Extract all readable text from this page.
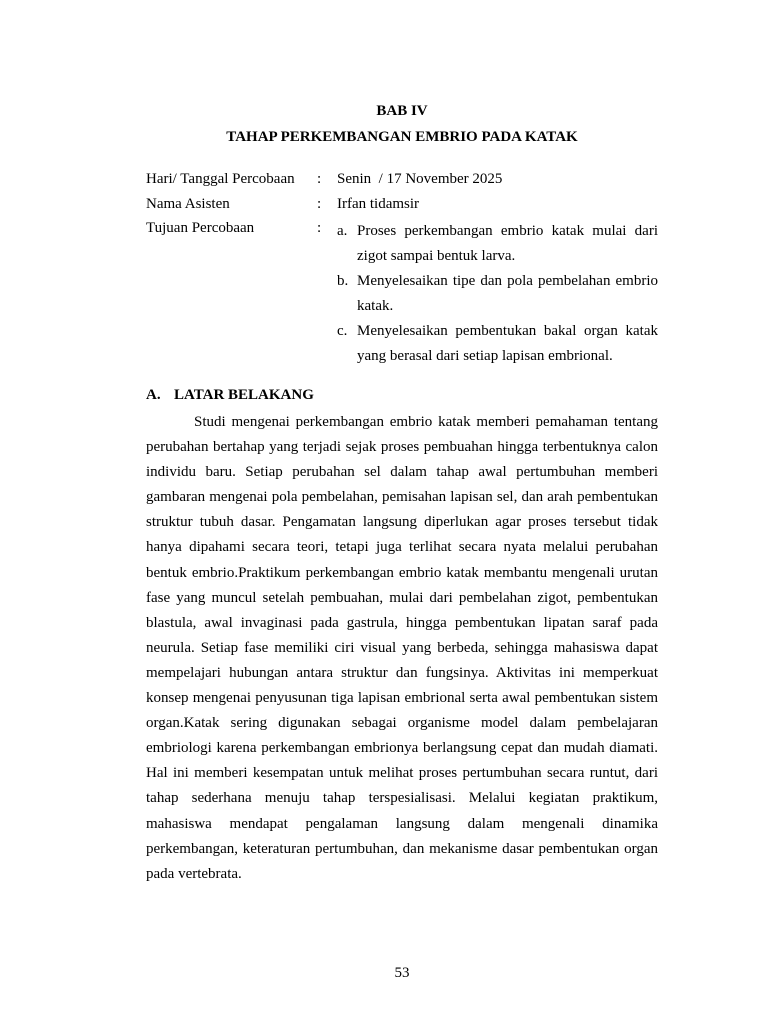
BAB IV
TAHAP PERKEMBANGAN EMBRIO PADA KATAK
Hari/ Tanggal Percobaan : Senin  / 17 November 2025
Nama Asisten	: Irfan tidamsir
Tujuan Percobaan	: a. Proses perkembangan embrio katak mulai dari zigot sampai bentuk larva.
b. Menyelesaikan tipe dan pola pembelahan embrio katak.
c. Menyelesaikan pembentukan bakal organ katak yang berasal dari setiap lapisan embrional.
A. LATAR BELAKANG

Studi mengenai perkembangan embrio katak memberi pemahaman tentang perubahan bertahap yang terjadi sejak proses pembuahan hingga terbentuknya calon individu baru. Setiap perubahan sel dalam tahap awal pertumbuhan memberi gambaran mengenai pola pembelahan, pemisahan lapisan sel, dan arah pembentukan struktur tubuh dasar. Pengamatan langsung diperlukan agar proses tersebut tidak hanya dipahami secara teori, tetapi juga terlihat secara nyata melalui perubahan bentuk embrio.Praktikum perkembangan embrio katak membantu mengenali urutan fase yang muncul setelah pembuahan, mulai dari pembelahan zigot, pembentukan blastula, awal invaginasi pada gastrula, hingga pembentukan lipatan saraf pada neurula. Setiap fase memiliki ciri visual yang berbeda, sehingga mahasiswa dapat mempelajari hubungan antara struktur dan fungsinya. Aktivitas ini memperkuat konsep mengenai penyusunan tiga lapisan embrional serta awal pembentukan sistem organ.Katak sering digunakan sebagai organisme model dalam pembelajaran embriologi karena perkembangan embrionya berlangsung cepat dan mudah diamati. Hal ini memberi kesempatan untuk melihat proses pertumbuhan secara runtut, dari tahap sederhana menuju tahap terspesialisasi. Melalui kegiatan praktikum, mahasiswa mendapat pengalaman langsung dalam mengenali dinamika perkembangan, keteraturan pertumbuhan, dan mekanisme dasar pembentukan organ pada vertebrata.

53
